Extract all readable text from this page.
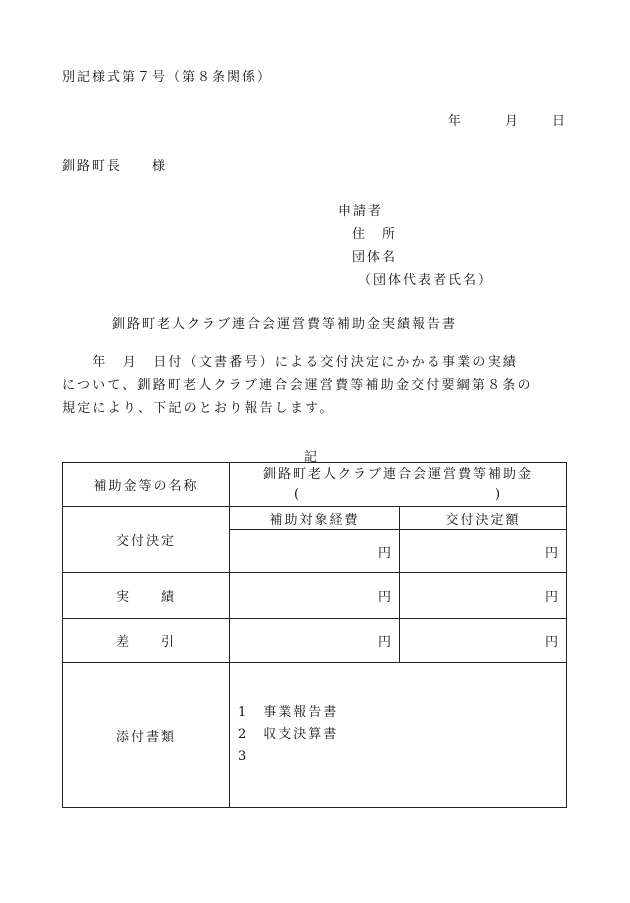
別記様式第７号（第８条関係）
年	月 日
釧路町長　　様
申請者
住　所
団体名
（団体代表者氏名）
釧路町老人クラブ連合会運営費等補助金実績報告書
　　年　月　日付（文書番号）による交付決定にかかる事業の実績
について、釧路町老人クラブ連合会運営費等補助金交付要綱第８条の
規定により、下記のとおり報告します。
記
補助金等の名称	釧路町老人クラブ連合会運営費等補助金
( )	

交付決定	補助対象経費	交付決定額
	円	円
実　　績	円	円
差　　引	円	円
添付書類	1　事業報告書
2　収支決算書
3	
